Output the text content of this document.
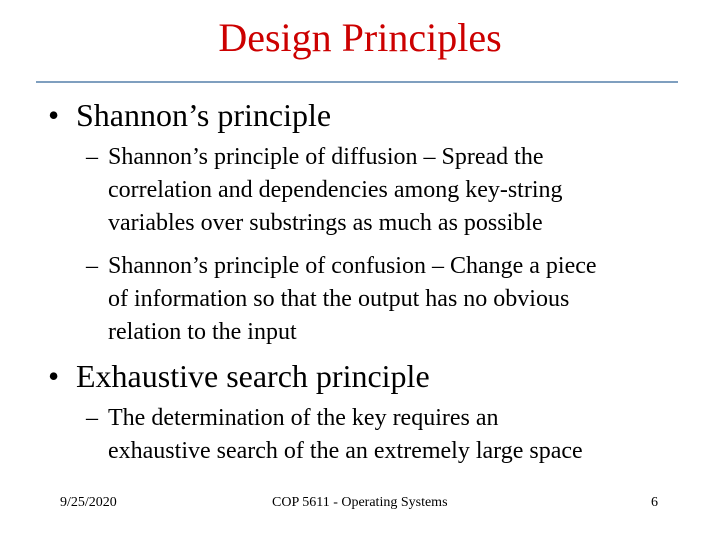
Design Principles
• Shannon’s principle
– Shannon’s principle of diffusion – Spread the
correlation and dependencies among key-string
variables over substrings as much as possible
– Shannon’s principle of confusion – Change a piece
of information so that the output has no obvious
relation to the input
• Exhaustive search principle
– The determination of the key requires an
exhaustive search of the an extremely large space
9/25/2020	COP 5611 - Operating Systems	6
